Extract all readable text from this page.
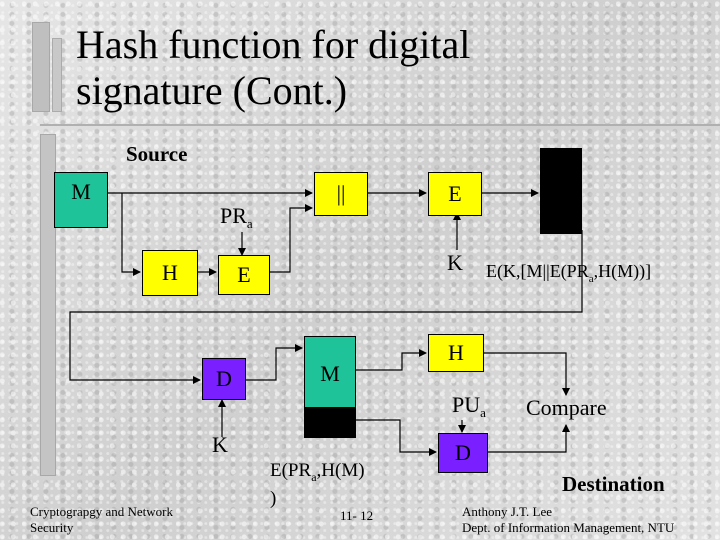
Hash function for digital
signature (Cont.)
Source
M
$PR_a$
||	E
H	E	K $E(K,[M||E(PR_a,H(M))]$
D
K
M
$E(PR_a,H(M)$
)
H
$PU_a$
D
Compare
Destination
Cryptograpgy and Network
Security
11- 12	Anthony J.T. Lee
Dept. of Information Management, NTU
